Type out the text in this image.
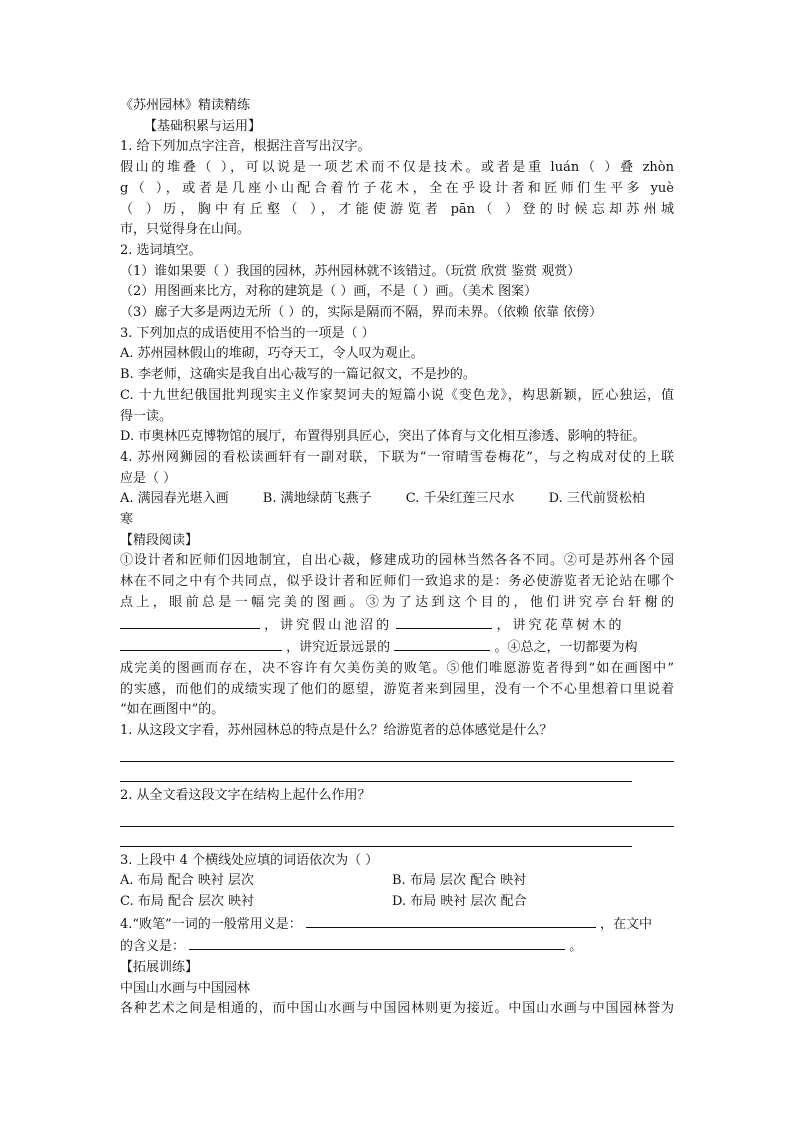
《苏州园林》精读精练
【基础积累与运用】
1. 给下列加点字注音，根据注音写出汉字。
假山的堆叠（ ），可以说是一项艺术而不仅是技术。或者是重 luán（ ）叠 zhòn
g（ ），或者是几座小山配合着竹子花木，全在乎设计者和匠师们生平多 yuè
（ ）历，胸中有丘壑（ ），才能使游览者 pān（ ）登的时候忘却苏州城
市，只觉得身在山间。
2. 选词填空。
（1）谁如果要（ ）我国的园林，苏州园林就不该错过。（玩赏 欣赏 鉴赏 观赏）
（2）用图画来比方，对称的建筑是（ ）画，不是（ ）画。（美术 图案）
（3）廊子大多是两边无所（ ）的，实际是隔而不隔，界而未界。（依赖 依靠 依傍）
3. 下列加点的成语使用不恰当的一项是（ ）
A. 苏州园林假山的堆砌，巧夺天工，令人叹为观止。
B. 李老师，这确实是我自出心裁写的一篇记叙文，不是抄的。
C. 十九世纪俄国批判现实主义作家契诃夫的短篇小说《变色龙》，构思新颖，匠心独运，值
得一读。
D. 市奥林匹克博物馆的展厅，布置得别具匠心，突出了体育与文化相互渗透、影响的特征。
4. 苏州网狮园的看松读画轩有一副对联，下联为“一帘晴雪卷梅花”，与之构成对仗的上联
应是（ ）
A. 满园春光堪入画	B. 满地绿荫飞燕子	C. 千朵红莲三尺水	D. 三代前贤松柏
寒
【精段阅读】
①设计者和匠师们因地制宜，自出心裁，修建成功的园林当然各各不同。②可是苏州各个园
林在不同之中有个共同点，似乎设计者和匠师们一致追求的是：务必使游览者无论站在哪个
点上，眼前总是一幅完美的图画。③为了达到这个目的，他们讲究亭台轩榭的
，讲究假山池沼的	，讲究花草树木的
，讲究近景远景的	。④总之，一切都要为构
成完美的图画而存在，决不容许有欠美伤美的败笔。⑤他们唯愿游览者得到“如在画图中”
的实感，而他们的成绩实现了他们的愿望，游览者来到园里，没有一个不心里想着口里说着
“如在画图中”的。
1. 从这段文字看，苏州园林总的特点是什么？给游览者的总体感觉是什么？
2. 从全文看这段文字在结构上起什么作用？
3. 上段中 4 个横线处应填的词语依次为（ ）
A. 布局 配合 映衬 层次	B. 布局 层次 配合 映衬
C. 布局 配合 层次 映衬	D. 布局 映衬 层次 配合
4.“败笔”一词的一般常用义是：	，在文中
的含义是：	。
【拓展训练】
中国山水画与中国园林
各种艺术之间是相通的，而中国山水画与中国园林则更为接近。中国山水画与中国园林誉为
